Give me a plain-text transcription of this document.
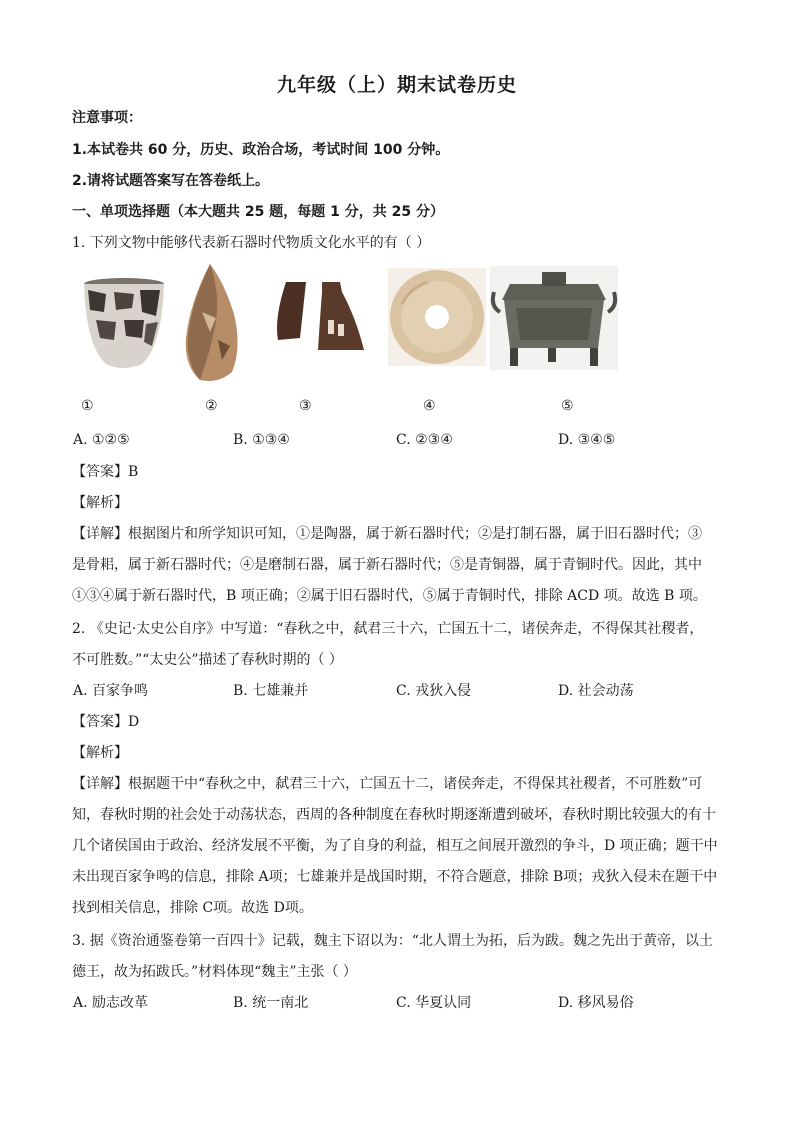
九年级（上）期末试卷历史
注意事项：
1.本试卷共 60 分，历史、政治合场，考试时间 100 分钟。
2.请将试题答案写在答卷纸上。
一、单项选择题（本大题共 25 题，每题 1 分，共 25 分）
1. 下列文物中能够代表新石器时代物质文化水平的有（ ）
①	②	③	④	⑤
A. ①②⑤	B. ①③④	C. ②③④	D. ③④⑤
【答案】B
【解析】
【详解】根据图片和所学知识可知，①是陶器，属于新石器时代；②是打制石器，属于旧石器时代；③
是骨耜，属于新石器时代；④是磨制石器，属于新石器时代；⑤是青铜器，属于青铜时代。因此，其中
①③④属于新石器时代，B 项正确；②属于旧石器时代，⑤属于青铜时代，排除 ACD 项。故选 B 项。
2. 《史记·太史公自序》中写道：“春秋之中，弑君三十六，亡国五十二，诸侯奔走，不得保其社稷者，
不可胜数。”“太史公”描述了春秋时期的（ ）
A. 百家争鸣	B. 七雄兼并	C. 戎狄入侵	D. 社会动荡
【答案】D
【解析】
【详解】根据题干中“春秋之中，弑君三十六，亡国五十二，诸侯奔走，不得保其社稷者，不可胜数”可
知，春秋时期的社会处于动荡状态，西周的各种制度在春秋时期逐渐遭到破坏，春秋时期比较强大的有十
几个诸侯国由于政治、经济发展不平衡，为了自身的利益，相互之间展开激烈的争斗，D 项正确；题干中
未出现百家争鸣的信息，排除 A项；七雄兼并是战国时期，不符合题意，排除 B项；戎狄入侵未在题干中
找到相关信息，排除 C项。故选 D项。
3. 据《资治通鉴卷第一百四十》记载，魏主下诏以为：“北人谓土为拓，后为跋。魏之先出于黄帝，以土
德王，故为拓跋氏。”材料体现“魏主”主张（ ）
A. 励志改革	B. 统一南北	C. 华夏认同	D. 移风易俗
